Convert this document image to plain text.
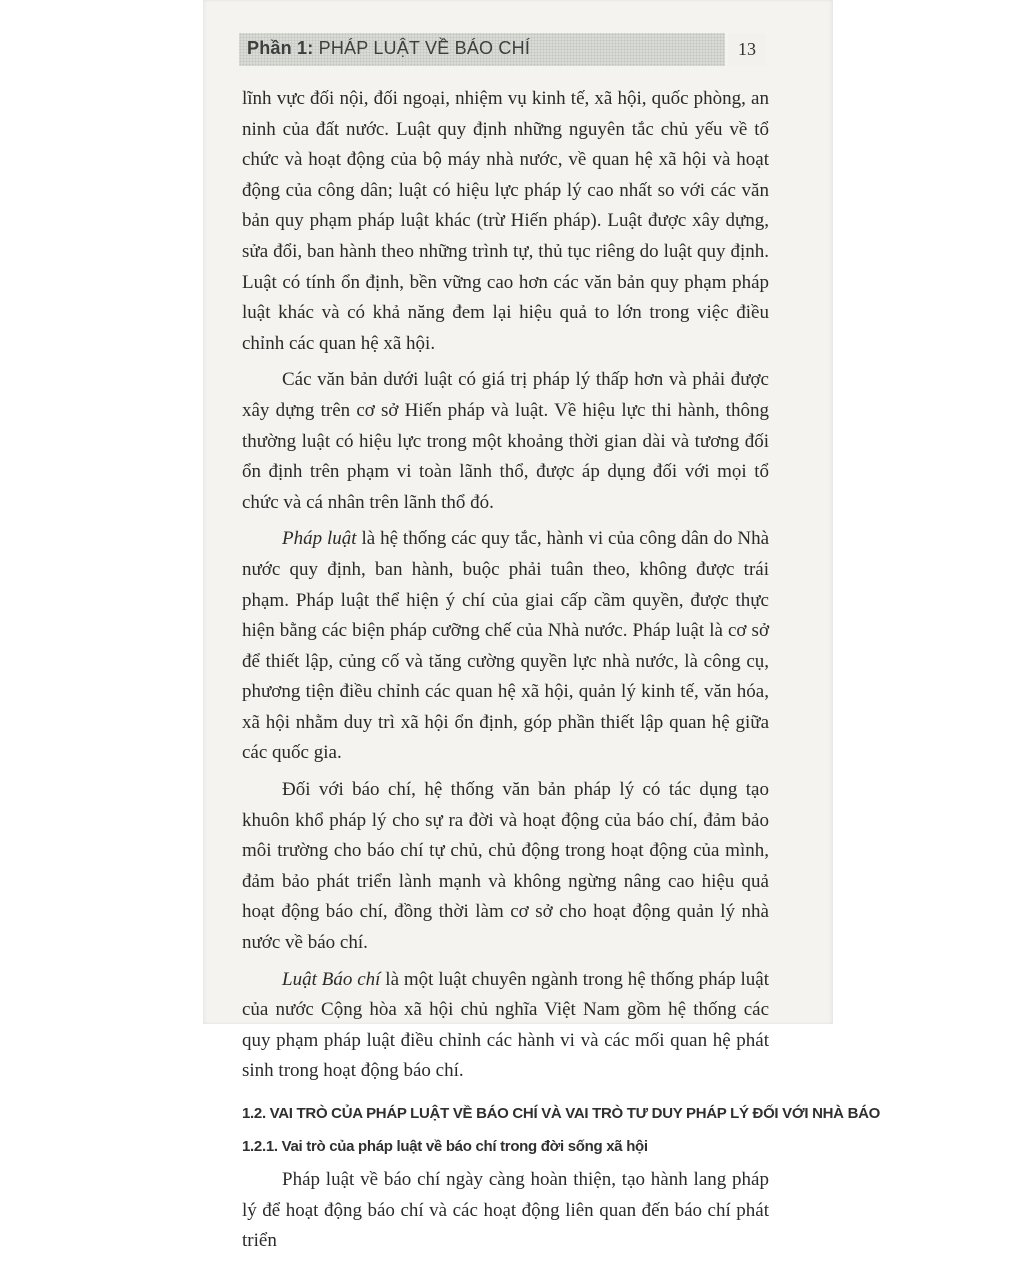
Phần 1: PHÁP LUẬT VỀ BÁO CHÍ	13

lĩnh vực đối nội, đối ngoại, nhiệm vụ kinh tế, xã hội, quốc phòng, an ninh của đất nước. Luật quy định những nguyên tắc chủ yếu về tổ chức và hoạt động của bộ máy nhà nước, về quan hệ xã hội và hoạt động của công dân; luật có hiệu lực pháp lý cao nhất so với các văn bản quy phạm pháp luật khác (trừ Hiến pháp). Luật được xây dựng, sửa đổi, ban hành theo những trình tự, thủ tục riêng do luật quy định. Luật có tính ổn định, bền vững cao hơn các văn bản quy phạm pháp luật khác và có khả năng đem lại hiệu quả to lớn trong việc điều chỉnh các quan hệ xã hội.

Các văn bản dưới luật có giá trị pháp lý thấp hơn và phải được xây dựng trên cơ sở Hiến pháp và luật. Về hiệu lực thi hành, thông thường luật có hiệu lực trong một khoảng thời gian dài và tương đối ổn định trên phạm vi toàn lãnh thổ, được áp dụng đối với mọi tổ chức và cá nhân trên lãnh thổ đó.

Pháp luật là hệ thống các quy tắc, hành vi của công dân do Nhà nước quy định, ban hành, buộc phải tuân theo, không được trái phạm. Pháp luật thể hiện ý chí của giai cấp cầm quyền, được thực hiện bằng các biện pháp cưỡng chế của Nhà nước. Pháp luật là cơ sở để thiết lập, củng cố và tăng cường quyền lực nhà nước, là công cụ, phương tiện điều chỉnh các quan hệ xã hội, quản lý kinh tế, văn hóa, xã hội nhằm duy trì xã hội ổn định, góp phần thiết lập quan hệ giữa các quốc gia.

Đối với báo chí, hệ thống văn bản pháp lý có tác dụng tạo khuôn khổ pháp lý cho sự ra đời và hoạt động của báo chí, đảm bảo môi trường cho báo chí tự chủ, chủ động trong hoạt động của mình, đảm bảo phát triển lành mạnh và không ngừng nâng cao hiệu quả hoạt động báo chí, đồng thời làm cơ sở cho hoạt động quản lý nhà nước về báo chí.

Luật Báo chí là một luật chuyên ngành trong hệ thống pháp luật của nước Cộng hòa xã hội chủ nghĩa Việt Nam gồm hệ thống các quy phạm pháp luật điều chỉnh các hành vi và các mối quan hệ phát sinh trong hoạt động báo chí.

1.2. VAI TRÒ CỦA PHÁP LUẬT VỀ BÁO CHÍ VÀ VAI TRÒ TƯ DUY PHÁP LÝ ĐỐI VỚI NHÀ BÁO
1.2.1. Vai trò của pháp luật về báo chí trong đời sống xã hội

Pháp luật về báo chí ngày càng hoàn thiện, tạo hành lang pháp lý để hoạt động báo chí và các hoạt động liên quan đến báo chí phát triển
